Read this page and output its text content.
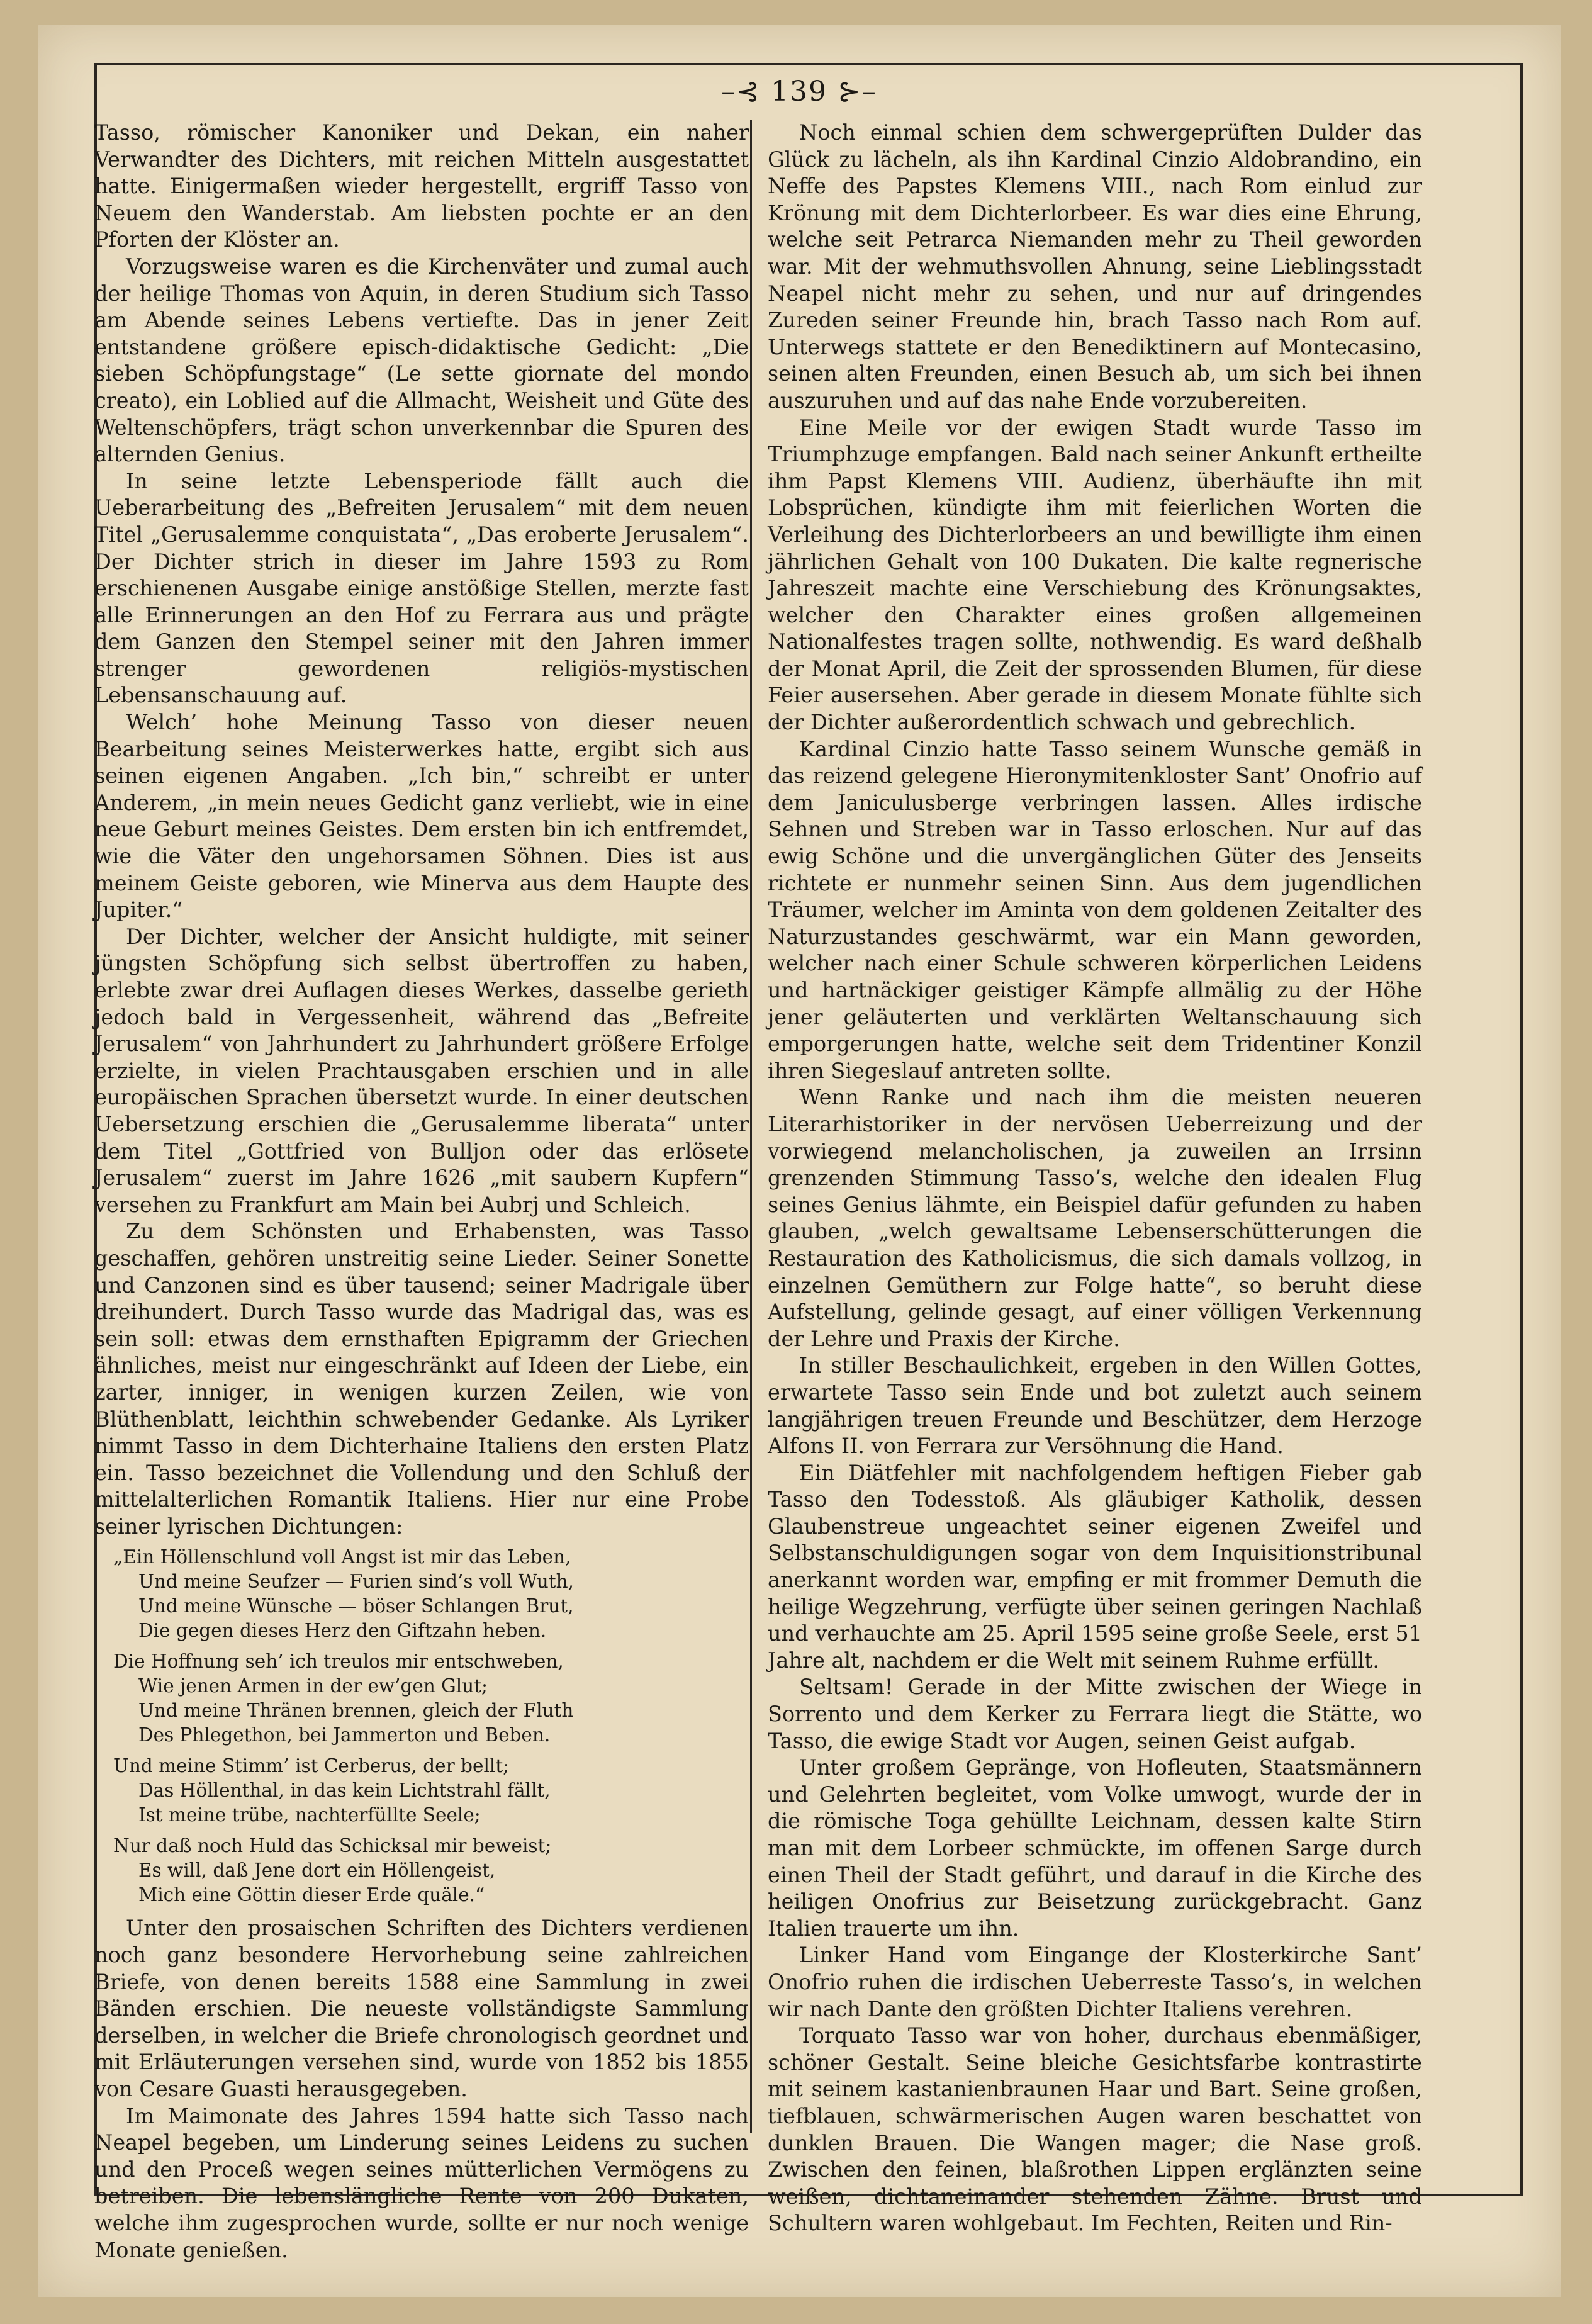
–⊰ 139 ⊱–

Tasso, römischer Kanoniker und Dekan, ein naher Verwandter des Dichters, mit reichen Mitteln ausgestattet hatte. Einigermaßen wieder hergestellt, ergriff Tasso von Neuem den Wanderstab. Am liebsten pochte er an den Pforten der Klöster an.

Vorzugsweise waren es die Kirchenväter und zumal auch der heilige Thomas von Aquin, in deren Studium sich Tasso am Abende seines Lebens vertiefte. Das in jener Zeit entstandene größere episch-didaktische Gedicht: „Die sieben Schöpfungstage“ (Le sette giornate del mondo creato), ein Loblied auf die Allmacht, Weisheit und Güte des Weltenschöpfers, trägt schon unverkennbar die Spuren des alternden Genius.

In seine letzte Lebensperiode fällt auch die Ueberarbeitung des „Befreiten Jerusalem“ mit dem neuen Titel „Gerusalemme conquistata“, „Das eroberte Jerusalem“. Der Dichter strich in dieser im Jahre 1593 zu Rom erschienenen Ausgabe einige anstößige Stellen, merzte fast alle Erinnerungen an den Hof zu Ferrara aus und prägte dem Ganzen den Stempel seiner mit den Jahren immer strenger gewordenen religiös-mystischen Lebensanschauung auf.

Welch’ hohe Meinung Tasso von dieser neuen Bearbeitung seines Meisterwerkes hatte, ergibt sich aus seinen eigenen Angaben. „Ich bin,“ schreibt er unter Anderem, „in mein neues Gedicht ganz verliebt, wie in eine neue Geburt meines Geistes. Dem ersten bin ich entfremdet, wie die Väter den ungehorsamen Söhnen. Dies ist aus meinem Geiste geboren, wie Minerva aus dem Haupte des Jupiter.“

Der Dichter, welcher der Ansicht huldigte, mit seiner jüngsten Schöpfung sich selbst übertroffen zu haben, erlebte zwar drei Auflagen dieses Werkes, dasselbe gerieth jedoch bald in Vergessenheit, während das „Befreite Jerusalem“ von Jahrhundert zu Jahrhundert größere Erfolge erzielte, in vielen Prachtausgaben erschien und in alle europäischen Sprachen übersetzt wurde. In einer deutschen Uebersetzung erschien die „Gerusalemme liberata“ unter dem Titel „Gottfried von Bulljon oder das erlösete Jerusalem“ zuerst im Jahre 1626 „mit saubern Kupfern“ versehen zu Frankfurt am Main bei Aubrj und Schleich.

Zu dem Schönsten und Erhabensten, was Tasso geschaffen, gehören unstreitig seine Lieder. Seiner Sonette und Canzonen sind es über tausend; seiner Madrigale über dreihundert. Durch Tasso wurde das Madrigal das, was es sein soll: etwas dem ernsthaften Epigramm der Griechen ähnliches, meist nur eingeschränkt auf Ideen der Liebe, ein zarter, inniger, in wenigen kurzen Zeilen, wie von Blüthenblatt, leichthin schwebender Gedanke. Als Lyriker nimmt Tasso in dem Dichterhaine Italiens den ersten Platz ein. Tasso bezeichnet die Vollendung und den Schluß der mittelalterlichen Romantik Italiens. Hier nur eine Probe seiner lyrischen Dichtungen:

„Ein Höllenschlund voll Angst ist mir das Leben,
Und meine Seufzer — Furien sind’s voll Wuth,
Und meine Wünsche — böser Schlangen Brut,
Die gegen dieses Herz den Giftzahn heben.
Die Hoffnung seh’ ich treulos mir entschweben,
Wie jenen Armen in der ew’gen Glut;
Und meine Thränen brennen, gleich der Fluth
Des Phlegethon, bei Jammerton und Beben.
Und meine Stimm’ ist Cerberus, der bellt;
Das Höllenthal, in das kein Lichtstrahl fällt,
Ist meine trübe, nachterfüllte Seele;
Nur daß noch Huld das Schicksal mir beweist;
Es will, daß Jene dort ein Höllengeist,
Mich eine Göttin dieser Erde quäle.“

Unter den prosaischen Schriften des Dichters verdienen noch ganz besondere Hervorhebung seine zahlreichen Briefe, von denen bereits 1588 eine Sammlung in zwei Bänden erschien. Die neueste vollständigste Sammlung derselben, in welcher die Briefe chronologisch geordnet und mit Erläuterungen versehen sind, wurde von 1852 bis 1855 von Cesare Guasti herausgegeben.

Im Maimonate des Jahres 1594 hatte sich Tasso nach Neapel begeben, um Linderung seines Leidens zu suchen und den Proceß wegen seines mütterlichen Vermögens zu betreiben. Die lebenslängliche Rente von 200 Dukaten, welche ihm zugesprochen wurde, sollte er nur noch wenige Monate genießen.

Noch einmal schien dem schwergeprüften Dulder das Glück zu lächeln, als ihn Kardinal Cinzio Aldobrandino, ein Neffe des Papstes Klemens VIII., nach Rom einlud zur Krönung mit dem Dichterlorbeer. Es war dies eine Ehrung, welche seit Petrarca Niemanden mehr zu Theil geworden war. Mit der wehmuthsvollen Ahnung, seine Lieblingsstadt Neapel nicht mehr zu sehen, und nur auf dringendes Zureden seiner Freunde hin, brach Tasso nach Rom auf. Unterwegs stattete er den Benediktinern auf Montecasino, seinen alten Freunden, einen Besuch ab, um sich bei ihnen auszuruhen und auf das nahe Ende vorzubereiten.

Eine Meile vor der ewigen Stadt wurde Tasso im Triumphzuge empfangen. Bald nach seiner Ankunft ertheilte ihm Papst Klemens VIII. Audienz, überhäufte ihn mit Lobsprüchen, kündigte ihm mit feierlichen Worten die Verleihung des Dichterlorbeers an und bewilligte ihm einen jährlichen Gehalt von 100 Dukaten. Die kalte regnerische Jahreszeit machte eine Verschiebung des Krönungsaktes, welcher den Charakter eines großen allgemeinen Nationalfestes tragen sollte, nothwendig. Es ward deßhalb der Monat April, die Zeit der sprossenden Blumen, für diese Feier ausersehen. Aber gerade in diesem Monate fühlte sich der Dichter außerordentlich schwach und gebrechlich.

Kardinal Cinzio hatte Tasso seinem Wunsche gemäß in das reizend gelegene Hieronymitenkloster Sant’ Onofrio auf dem Janiculusberge verbringen lassen. Alles irdische Sehnen und Streben war in Tasso erloschen. Nur auf das ewig Schöne und die unvergänglichen Güter des Jenseits richtete er nunmehr seinen Sinn. Aus dem jugendlichen Träumer, welcher im Aminta von dem goldenen Zeitalter des Naturzustandes geschwärmt, war ein Mann geworden, welcher nach einer Schule schweren körperlichen Leidens und hartnäckiger geistiger Kämpfe allmälig zu der Höhe jener geläuterten und verklärten Weltanschauung sich emporgerungen hatte, welche seit dem Tridentiner Konzil ihren Siegeslauf antreten sollte.

Wenn Ranke und nach ihm die meisten neueren Literarhistoriker in der nervösen Ueberreizung und der vorwiegend melancholischen, ja zuweilen an Irrsinn grenzenden Stimmung Tasso’s, welche den idealen Flug seines Genius lähmte, ein Beispiel dafür gefunden zu haben glauben, „welch gewaltsame Lebenserschütterungen die Restauration des Katholicismus, die sich damals vollzog, in einzelnen Gemüthern zur Folge hatte“, so beruht diese Aufstellung, gelinde gesagt, auf einer völligen Verkennung der Lehre und Praxis der Kirche.

In stiller Beschaulichkeit, ergeben in den Willen Gottes, erwartete Tasso sein Ende und bot zuletzt auch seinem langjährigen treuen Freunde und Beschützer, dem Herzoge Alfons II. von Ferrara zur Versöhnung die Hand.

Ein Diätfehler mit nachfolgendem heftigen Fieber gab Tasso den Todesstoß. Als gläubiger Katholik, dessen Glaubenstreue ungeachtet seiner eigenen Zweifel und Selbstanschuldigungen sogar von dem Inquisitionstribunal anerkannt worden war, empfing er mit frommer Demuth die heilige Wegzehrung, verfügte über seinen geringen Nachlaß und verhauchte am 25. April 1595 seine große Seele, erst 51 Jahre alt, nachdem er die Welt mit seinem Ruhme erfüllt.

Seltsam! Gerade in der Mitte zwischen der Wiege in Sorrento und dem Kerker zu Ferrara liegt die Stätte, wo Tasso, die ewige Stadt vor Augen, seinen Geist aufgab.

Unter großem Gepränge, von Hofleuten, Staatsmännern und Gelehrten begleitet, vom Volke umwogt, wurde der in die römische Toga gehüllte Leichnam, dessen kalte Stirn man mit dem Lorbeer schmückte, im offenen Sarge durch einen Theil der Stadt geführt, und darauf in die Kirche des heiligen Onofrius zur Beisetzung zurückgebracht. Ganz Italien trauerte um ihn.

Linker Hand vom Eingange der Klosterkirche Sant’ Onofrio ruhen die irdischen Ueberreste Tasso’s, in welchen wir nach Dante den größten Dichter Italiens verehren.

Torquato Tasso war von hoher, durchaus ebenmäßiger, schöner Gestalt. Seine bleiche Gesichtsfarbe kontrastirte mit seinem kastanienbraunen Haar und Bart. Seine großen, tiefblauen, schwärmerischen Augen waren beschattet von dunklen Brauen. Die Wangen mager; die Nase groß. Zwischen den feinen, blaßrothen Lippen erglänzten seine weißen, dichtaneinander stehenden Zähne. Brust und Schultern waren wohlgebaut. Im Fechten, Reiten und Rin-
